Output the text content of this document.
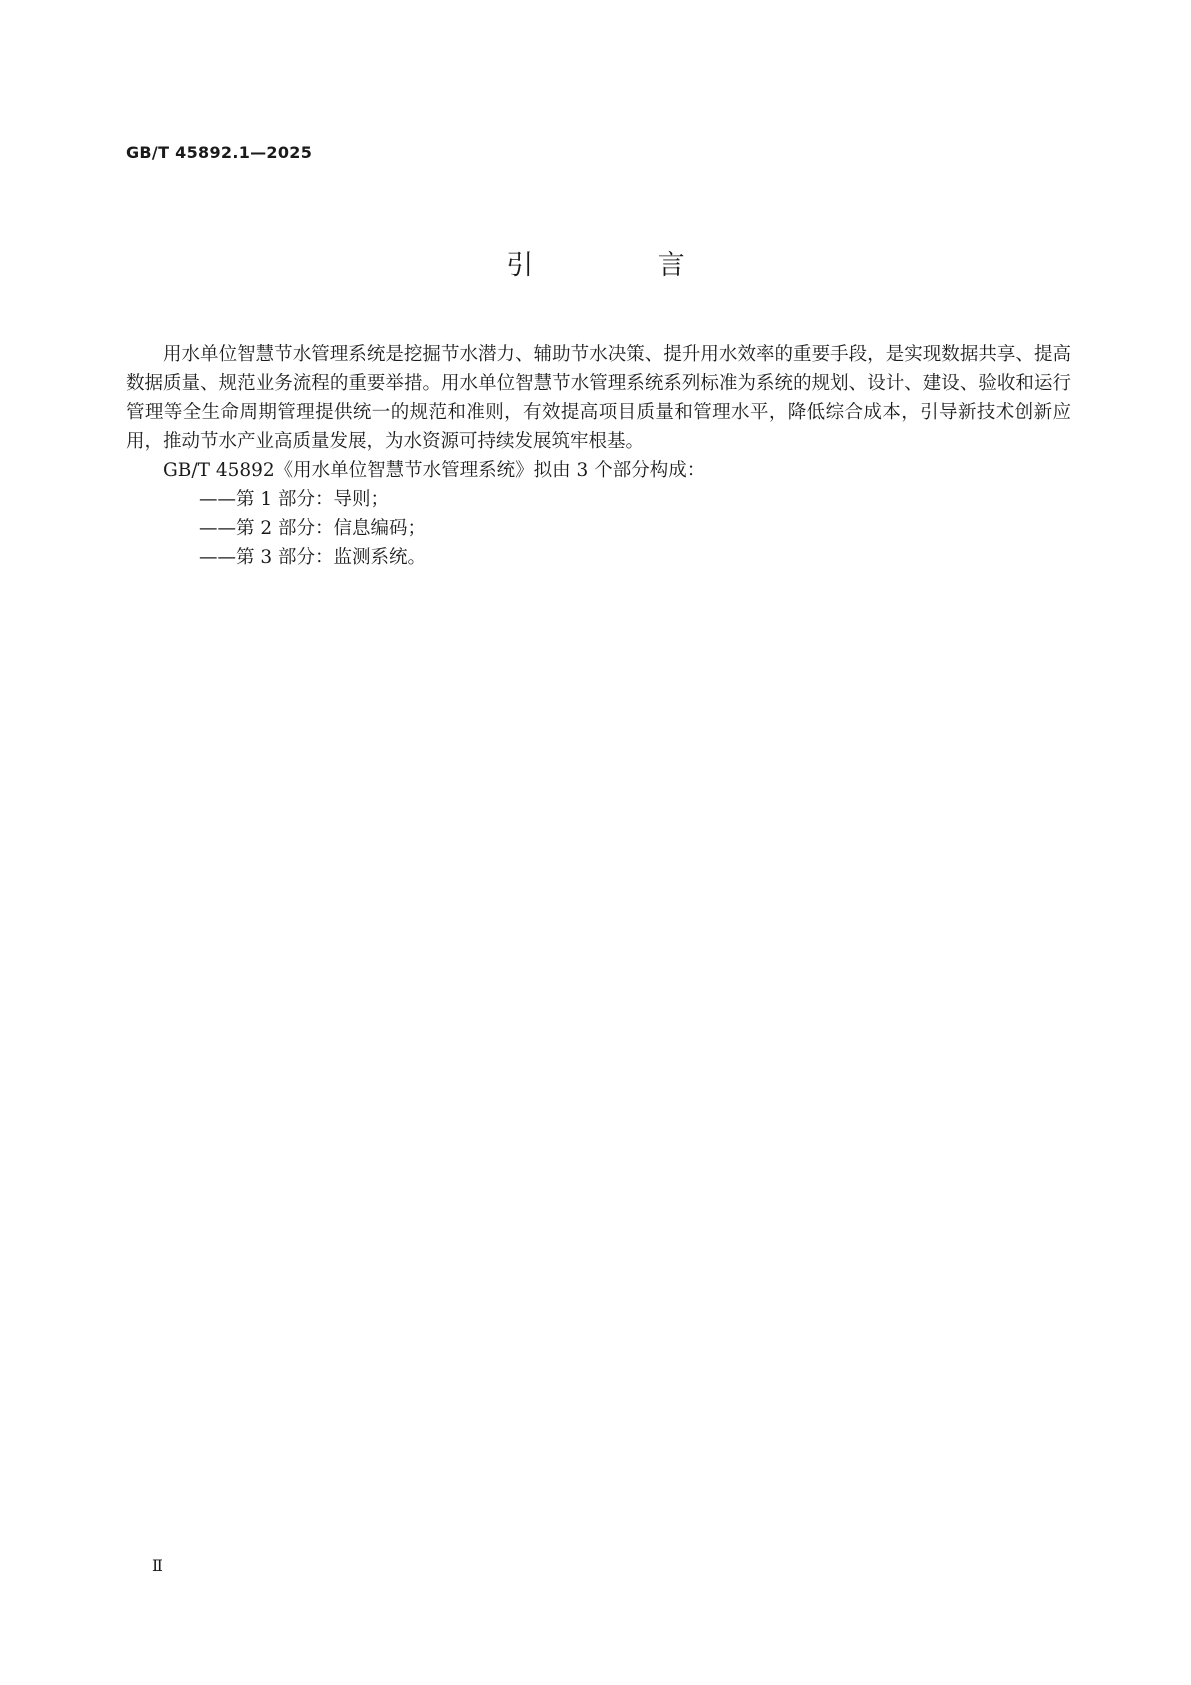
GB/T 45892.1—2025
引 言

用水单位智慧节水管理系统是挖掘节水潜力、辅助节水决策、提升用水效率的重要手段，是实现数据共享、提高数据质量、规范业务流程的重要举措。用水单位智慧节水管理系统系列标准为系统的规划、设计、建设、验收和运行管理等全生命周期管理提供统一的规范和准则，有效提高项目质量和管理水平，降低综合成本，引导新技术创新应用，推动节水产业高质量发展，为水资源可持续发展筑牢根基。

GB/T 45892《用水单位智慧节水管理系统》拟由 3 个部分构成：

——第 1 部分：导则；

——第 2 部分：信息编码；

——第 3 部分：监测系统。

Ⅱ
